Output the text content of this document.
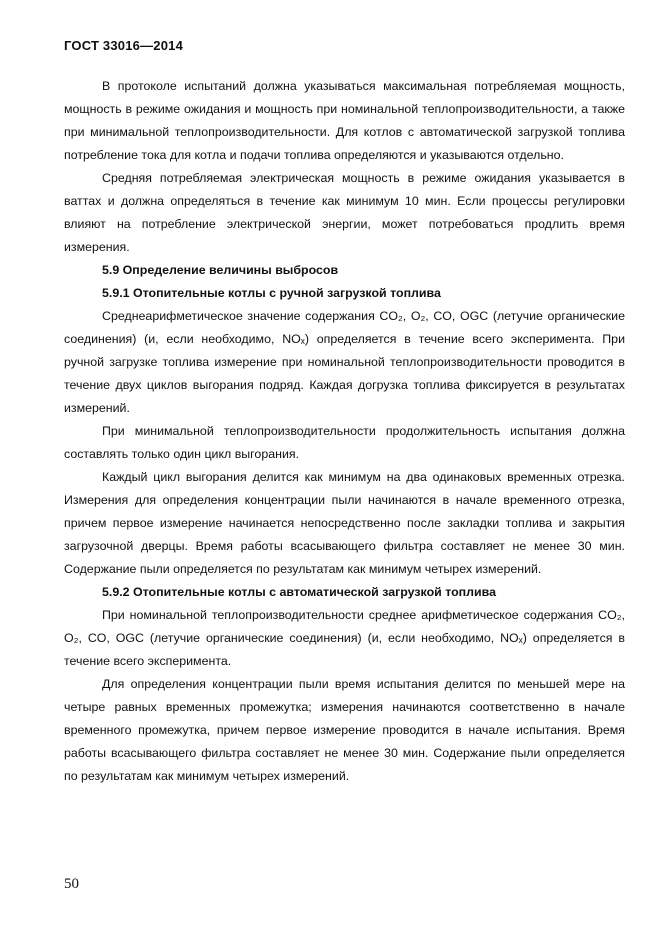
ГОСТ 33016—2014

В протоколе испытаний должна указываться максимальная потребляемая мощность, мощность в режиме ожидания и мощность при номинальной теплопроизводительности, а также при минимальной теплопроизводительности. Для котлов с автоматической загрузкой топлива потребление тока для котла и подачи топлива определяются и указываются отдельно.

Средняя потребляемая электрическая мощность в режиме ожидания указывается в ваттах и должна определяться в течение как минимум 10 мин. Если процессы регулировки влияют на потребление электрической энергии, может потребоваться продлить время измерения.

5.9 Определение величины выбросов

5.9.1 Отопительные котлы с ручной загрузкой топлива

Среднеарифметическое значение содержания CO₂, O₂, CO, OGC (летучие органические соединения) (и, если необходимо, NOₓ) определяется в течение всего эксперимента. При ручной загрузке топлива измерение при номинальной теплопроизводительности проводится в течение двух циклов выгорания подряд. Каждая догрузка топлива фиксируется в результатах измерений.

При минимальной теплопроизводительности продолжительность испытания должна составлять только один цикл выгорания.

Каждый цикл выгорания делится как минимум на два одинаковых временных отрезка. Измерения для определения концентрации пыли начинаются в начале временного отрезка, причем первое измерение начинается непосредственно после закладки топлива и закрытия загрузочной дверцы. Время работы всасывающего фильтра составляет не менее 30 мин. Содержание пыли определяется по результатам как минимум четырех измерений.

5.9.2 Отопительные котлы с автоматической загрузкой топлива

При номинальной теплопроизводительности среднее арифметическое содержания CO₂, O₂, CO, OGC (летучие органические соединения) (и, если необходимо, NOₓ) определяется в течение всего эксперимента.

Для определения концентрации пыли время испытания делится по меньшей мере на четыре равных временных промежутка; измерения начинаются соответственно в начале временного промежутка, причем первое измерение проводится в начале испытания. Время работы всасывающего фильтра составляет не менее 30 мин. Содержание пыли определяется по результатам как минимум четырех измерений.

50
